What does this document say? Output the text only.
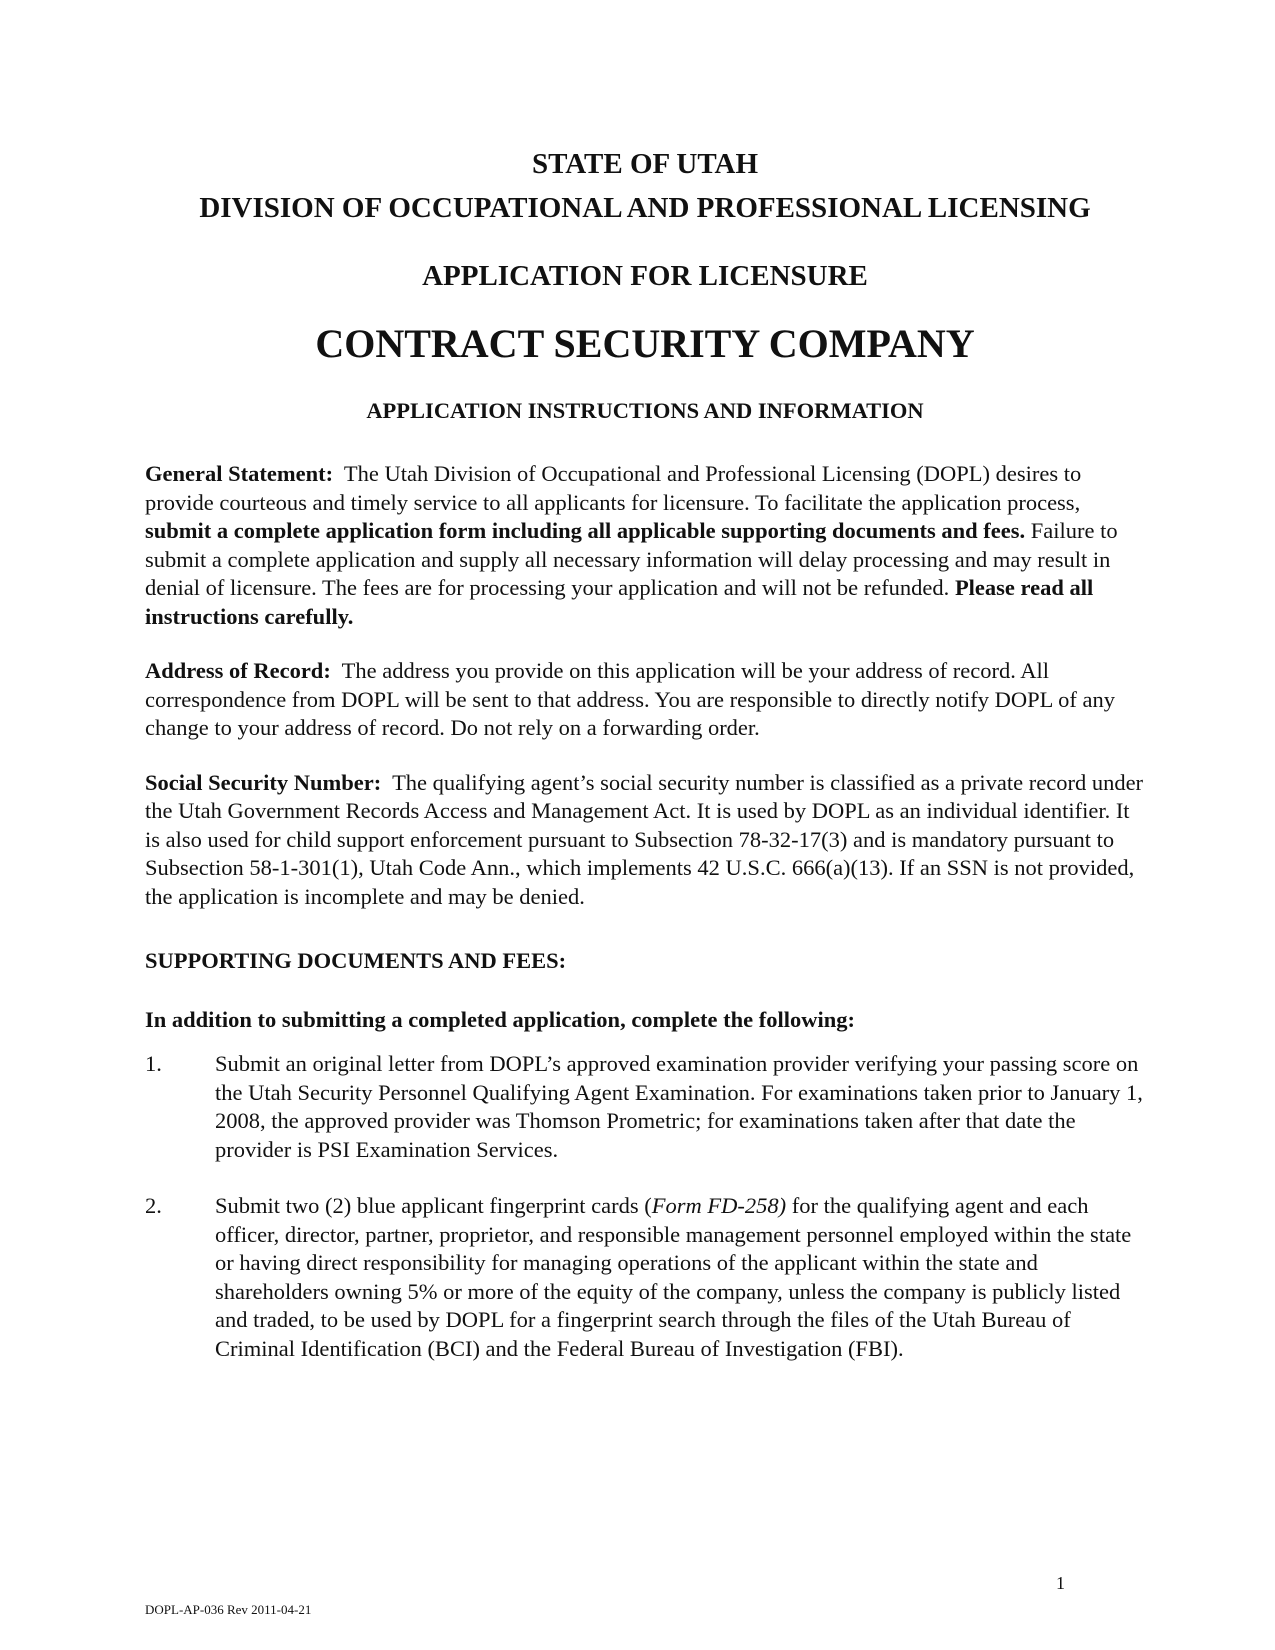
STATE OF UTAH

DIVISION OF OCCUPATIONAL AND PROFESSIONAL LICENSING

APPLICATION FOR LICENSURE

CONTRACT SECURITY COMPANY

APPLICATION INSTRUCTIONS AND INFORMATION

General Statement: The Utah Division of Occupational and Professional Licensing (DOPL) desires to provide courteous and timely service to all applicants for licensure. To facilitate the application process, submit a complete application form including all applicable supporting documents and fees. Failure to submit a complete application and supply all necessary information will delay processing and may result in denial of licensure. The fees are for processing your application and will not be refunded. Please read all instructions carefully.

Address of Record: The address you provide on this application will be your address of record. All correspondence from DOPL will be sent to that address. You are responsible to directly notify DOPL of any change to your address of record. Do not rely on a forwarding order.

Social Security Number: The qualifying agent’s social security number is classified as a private record under the Utah Government Records Access and Management Act. It is used by DOPL as an individual identifier. It is also used for child support enforcement pursuant to Subsection 78-32-17(3) and is mandatory pursuant to Subsection 58-1-301(1), Utah Code Ann., which implements 42 U.S.C. 666(a)(13). If an SSN is not provided, the application is incomplete and may be denied.

SUPPORTING DOCUMENTS AND FEES:

In addition to submitting a completed application, complete the following:

1.	Submit an original letter from DOPL’s approved examination provider verifying your passing score on the Utah Security Personnel Qualifying Agent Examination. For examinations taken prior to January 1, 2008, the approved provider was Thomson Prometric; for examinations taken after that date the provider is PSI Examination Services.
2.	Submit two (2) blue applicant fingerprint cards (Form FD-258) for the qualifying agent and each officer, director, partner, proprietor, and responsible management personnel employed within the state or having direct responsibility for managing operations of the applicant within the state and shareholders owning 5% or more of the equity of the company, unless the company is publicly listed and traded, to be used by DOPL for a fingerprint search through the files of the Utah Bureau of Criminal Identification (BCI) and the Federal Bureau of Investigation (FBI).
1
DOPL-AP-036 Rev 2011-04-21
